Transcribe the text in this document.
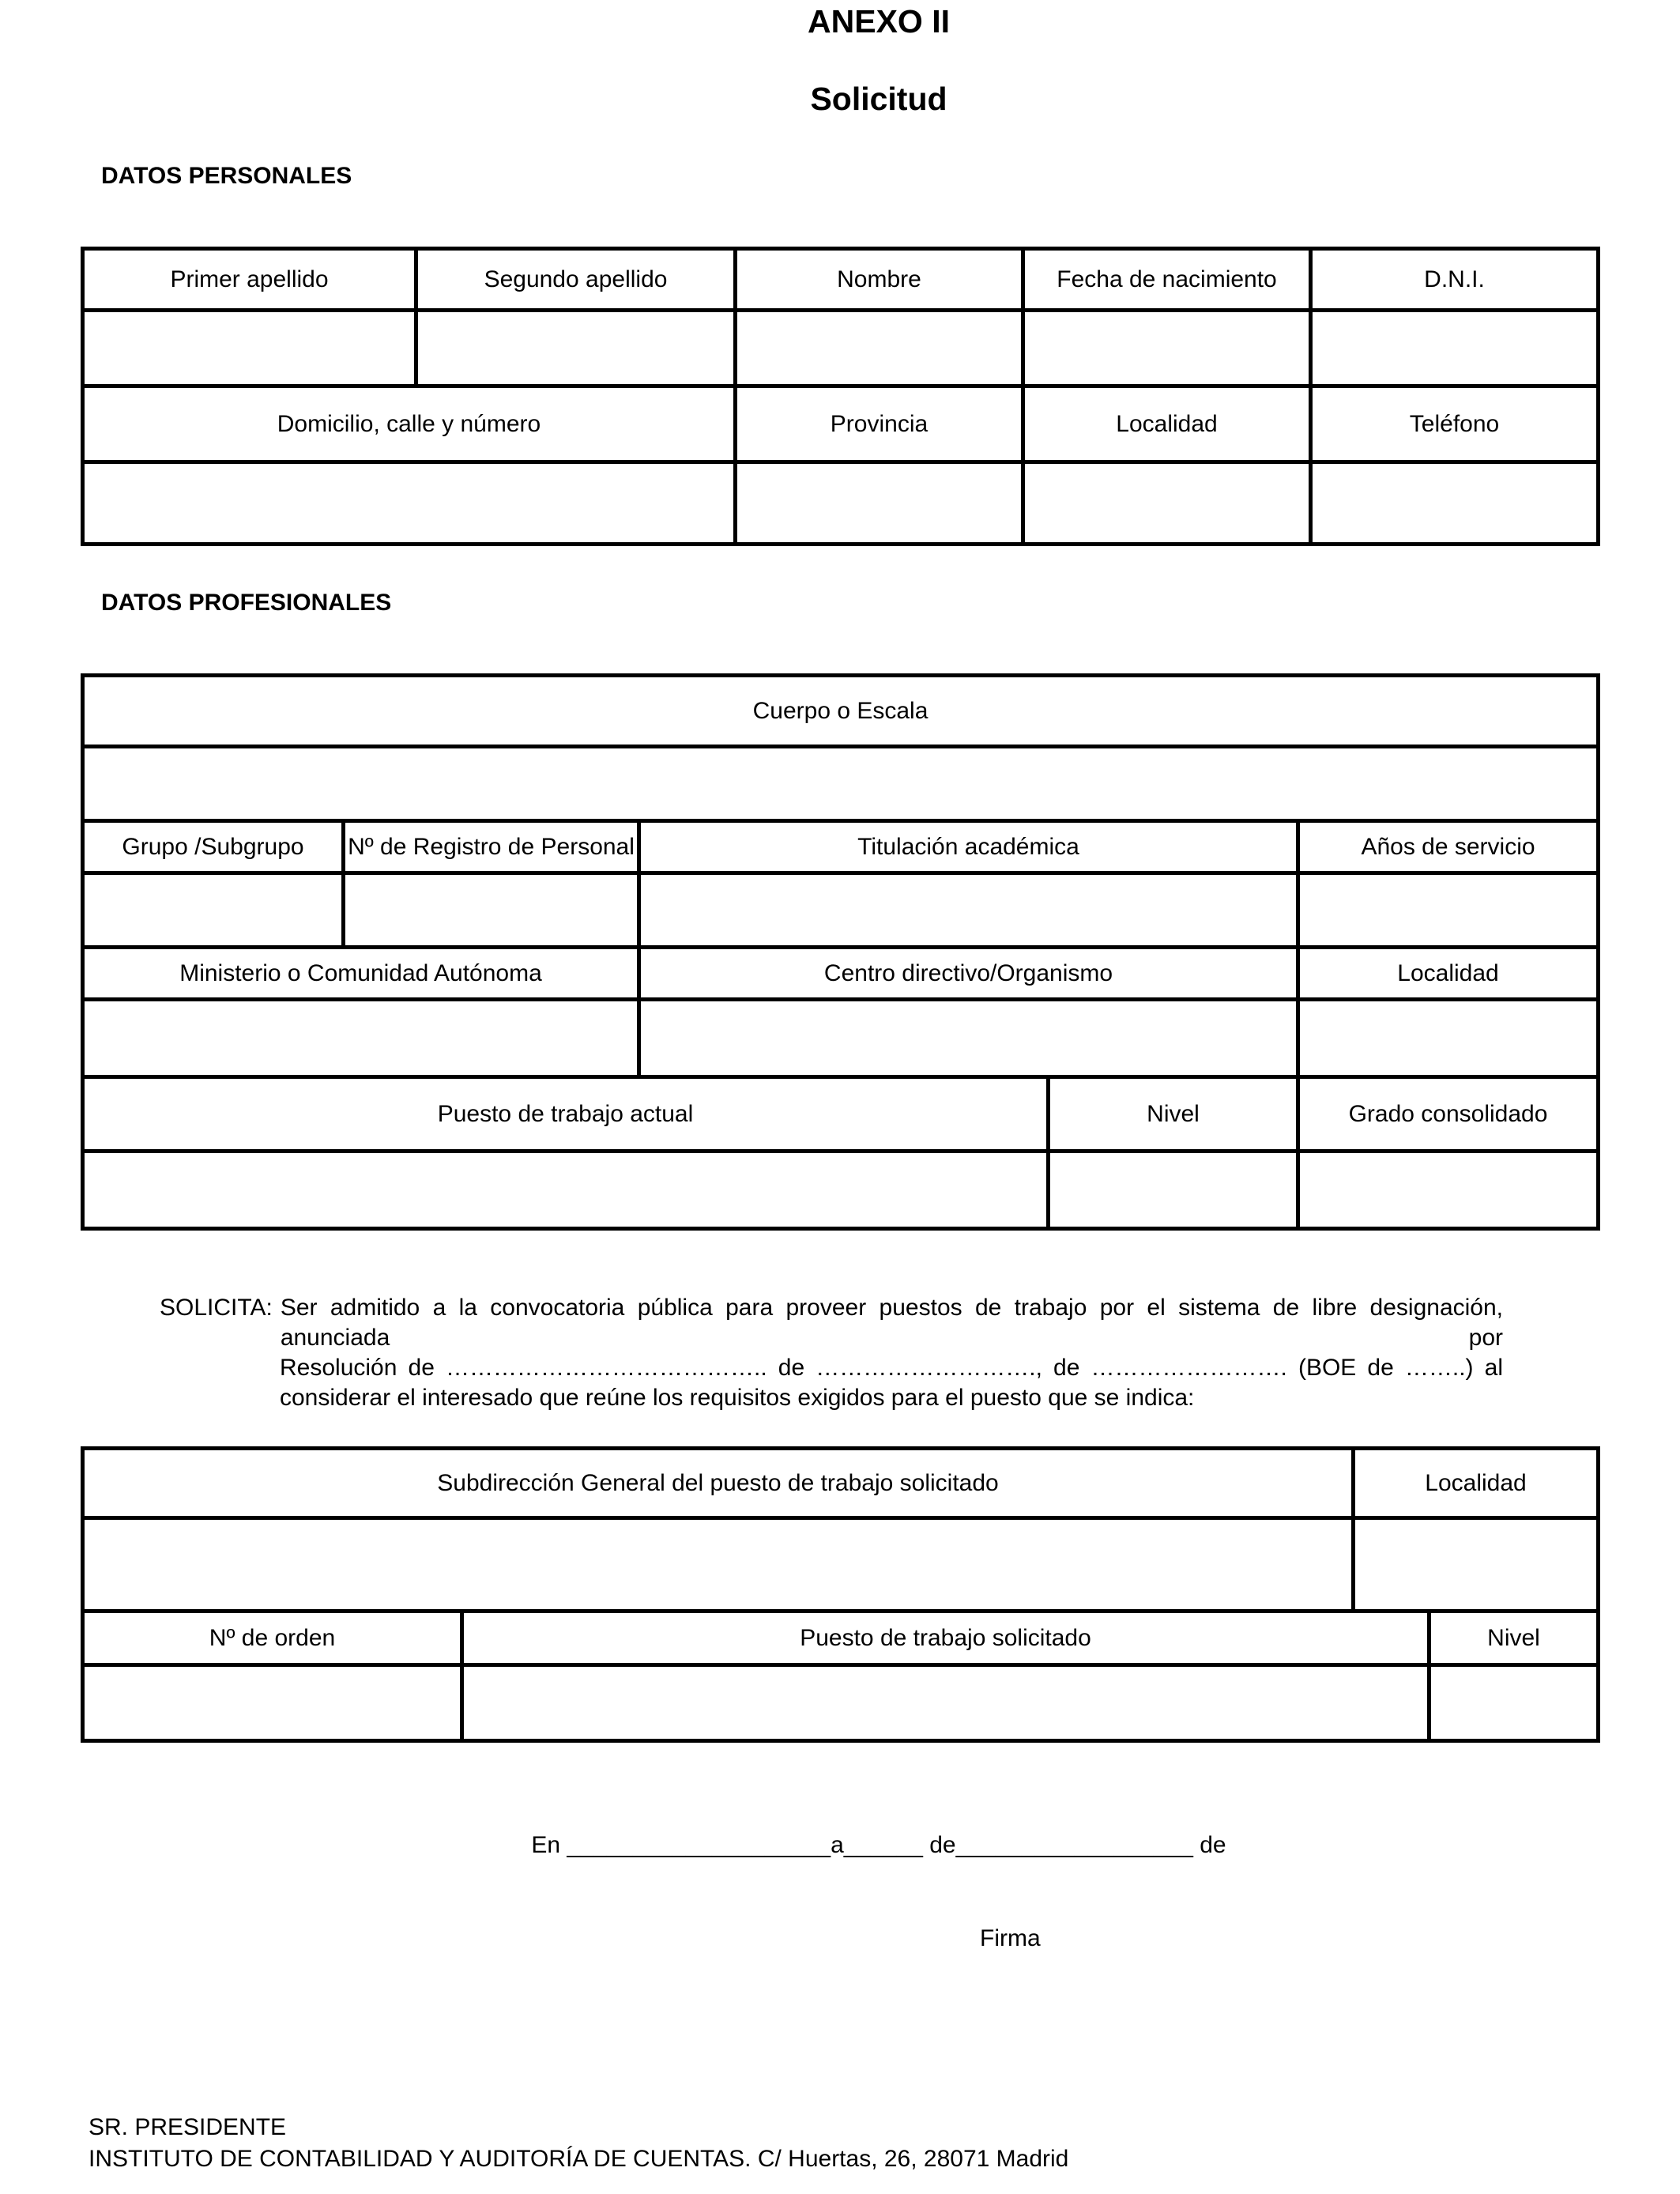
ANEXO II
Solicitud
DATOS PERSONALES
Primer apellido	Segundo apellido	Nombre	Fecha de nacimiento	D.N.I.

Domicilio, calle y número		Provincia	Localidad	Teléfono

DATOS PROFESIONALES
Cuerpo o Escala				

Grupo /Subgrupo	Nº de Registro de Personal	Titulación académica		Años de servicio

Ministerio o Comunidad Autónoma		Centro directivo/Organismo		Localidad

Puesto de trabajo actual			Nivel	Grado consolidado

SOLICITA: Ser admitido a la convocatoria pública para proveer puestos de trabajo por el sistema de libre designación, anunciada por
Resolución de ………………………………….. de ………………………., de ……………………. (BOE de ……..) al
considerar el interesado que reúne los requisitos exigidos para el puesto que se indica:
Subdirección General del puesto de trabajo solicitado		Localidad	

Nº de orden	Puesto de trabajo solicitado		Nivel

En ____________________a______ de__________________ de
Firma
SR. PRESIDENTE
INSTITUTO DE CONTABILIDAD Y AUDITORÍA DE CUENTAS. C/ Huertas, 26, 28071 Madrid
